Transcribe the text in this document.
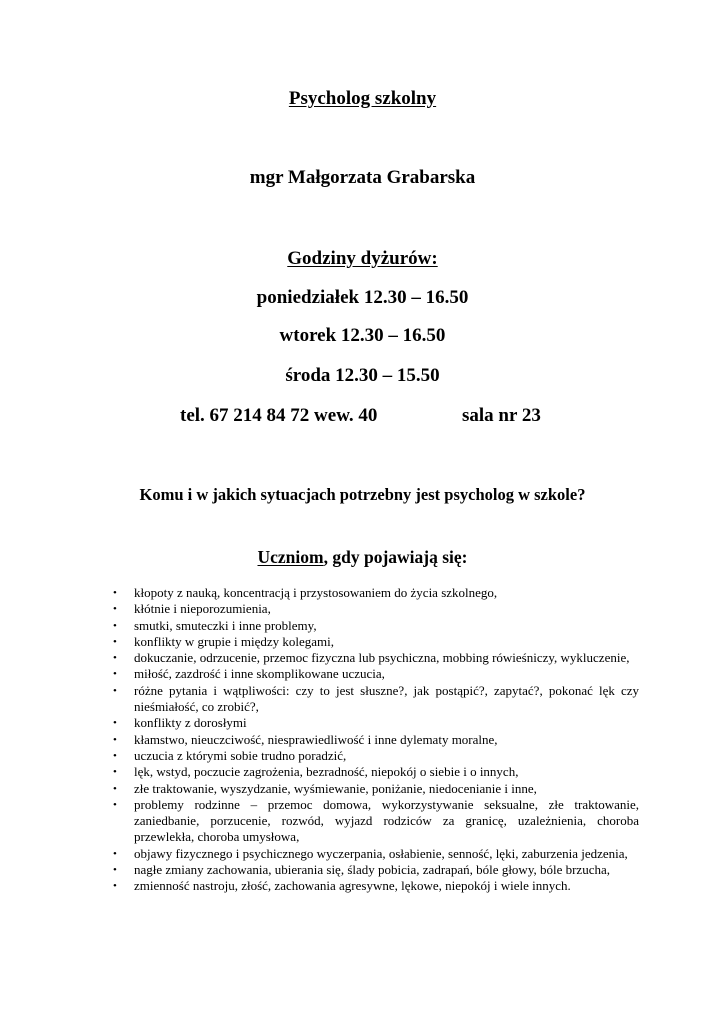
Psycholog szkolny
mgr Małgorzata Grabarska
Godziny dyżurów:
poniedziałek 12.30 – 16.50
wtorek 12.30 – 16.50
środa 12.30 – 15.50
tel. 67 214 84 72 wew. 40	sala nr 23
Komu i w jakich sytuacjach potrzebny jest psycholog w szkole?
Uczniom, gdy pojawiają się:
• kłopoty z nauką, koncentracją i przystosowaniem do życia szkolnego,
• kłótnie i nieporozumienia,
• smutki, smuteczki i inne problemy,
• konflikty w grupie i między kolegami,
• dokuczanie, odrzucenie, przemoc fizyczna lub psychiczna, mobbing rówieśniczy, wykluczenie,
• miłość, zazdrość i inne skomplikowane uczucia,
• różne pytania i wątpliwości: czy to jest słuszne?, jak postąpić?, zapytać?, pokonać lęk czy nieśmiałość, co zrobić?,
• konflikty z dorosłymi
• kłamstwo, nieuczciwość, niesprawiedliwość i inne dylematy moralne,
• uczucia z którymi sobie trudno poradzić,
• lęk, wstyd, poczucie zagrożenia, bezradność, niepokój o siebie i o innych,
• złe traktowanie, wyszydzanie, wyśmiewanie, poniżanie, niedocenianie i inne,
• problemy rodzinne – przemoc domowa, wykorzystywanie seksualne, złe traktowanie, zaniedbanie, porzucenie, rozwód, wyjazd rodziców za granicę, uzależnienia, choroba przewlekła, choroba umysłowa,
• objawy fizycznego i psychicznego wyczerpania, osłabienie, senność, lęki, zaburzenia jedzenia,
• nagłe zmiany zachowania, ubierania się, ślady pobicia, zadrapań, bóle głowy, bóle brzucha,
• zmienność nastroju, złość, zachowania agresywne, lękowe, niepokój i wiele innych.
